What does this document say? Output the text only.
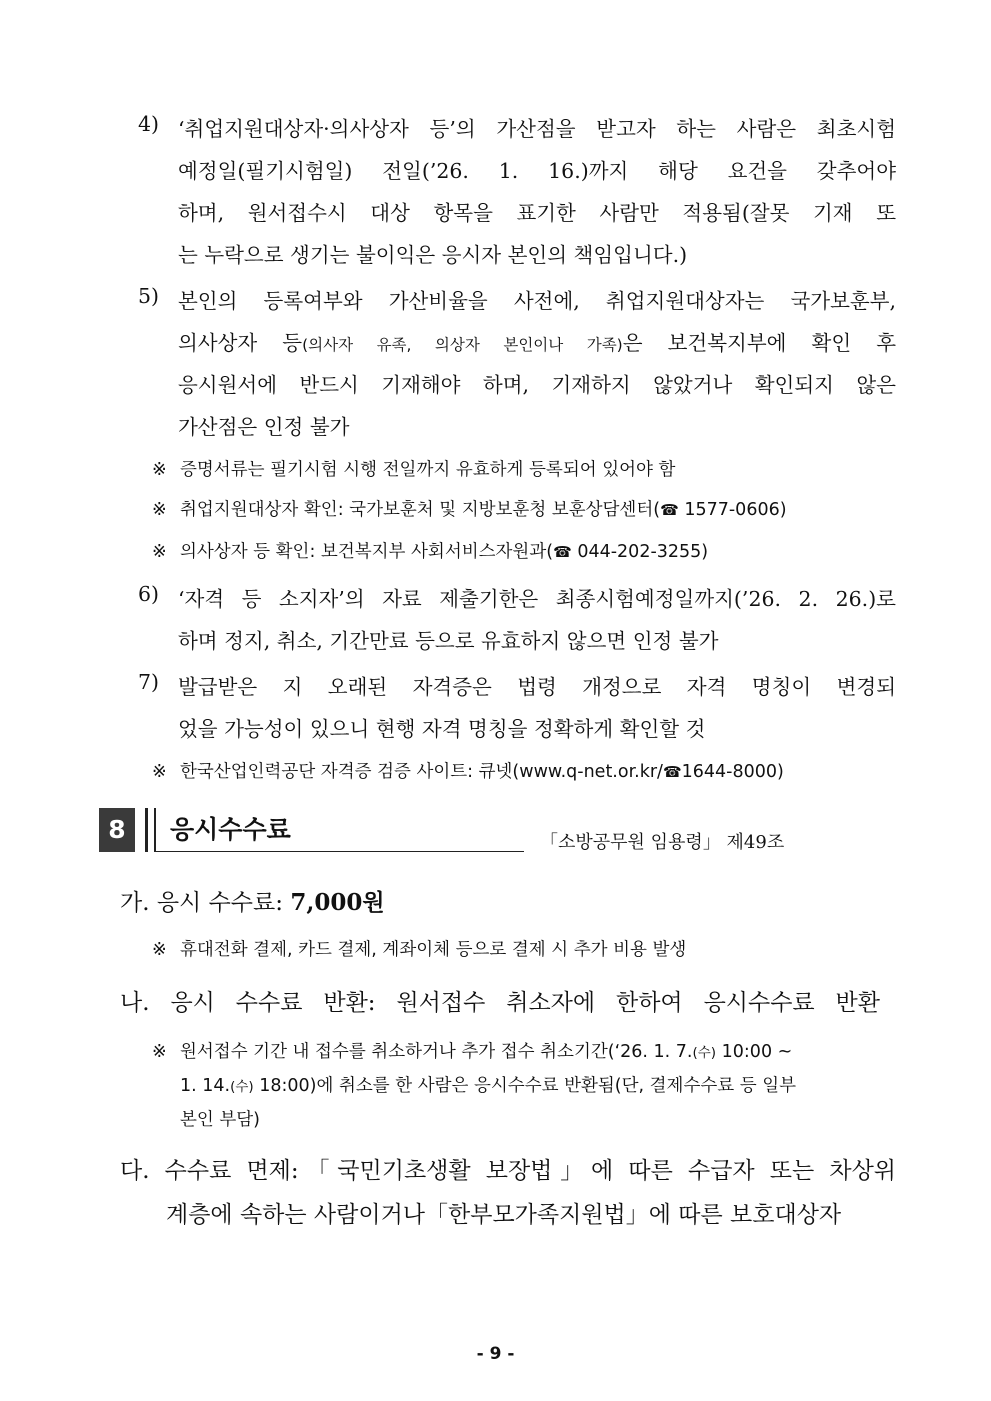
4) ‘취업지원대상자·의사상자 등’의 가산점을 받고자 하는 사람은 최초시험
예정일(필기시험일) 전일(’26. 1. 16.)까지 해당 요건을 갖추어야
하며, 원서접수시 대상 항목을 표기한 사람만 적용됨(잘못 기재 또
는 누락으로 생기는 불이익은 응시자 본인의 책임입니다.)
5) 본인의 등록여부와 가산비율을 사전에, 취업지원대상자는 국가보훈부,
의사상자 등(의사자 유족, 의상자 본인이나 가족)은 보건복지부에 확인 후
응시원서에 반드시 기재해야 하며, 기재하지 않았거나 확인되지 않은
가산점은 인정 불가
※ 증명서류는 필기시험 시행 전일까지 유효하게 등록되어 있어야 함
※ 취업지원대상자 확인: 국가보훈처 및 지방보훈청 보훈상담센터(☎ 1577-0606)
※ 의사상자 등 확인: 보건복지부 사회서비스자원과(☎ 044-202-3255)
6) ‘자격 등 소지자’의 자료 제출기한은 최종시험예정일까지(’26. 2. 26.)로
하며 정지, 취소, 기간만료 등으로 유효하지 않으면 인정 불가
7) 발급받은 지 오래된 자격증은 법령 개정으로 자격 명칭이 변경되
었을 가능성이 있으니 현행 자격 명칭을 정확하게 확인할 것
※ 한국산업인력공단 자격증 검증 사이트: 큐넷(www.q-net.or.kr/☎1644-8000)
8	응시수수료	「소방공무원 임용령」 제49조
가. 응시 수수료: 7,000원
※ 휴대전화 결제, 카드 결제, 계좌이체 등으로 결제 시 추가 비용 발생
나. 응시 수수료 반환: 원서접수 취소자에 한하여 응시수수료 반환
※ 원서접수 기간 내 접수를 취소하거나 추가 접수 취소기간(‘26. 1. 7.(수) 10:00 ~
1. 14.(수) 18:00)에 취소를 한 사람은 응시수수료 반환됨(단, 결제수수료 등 일부
본인 부담)
다. 수수료 면제:「국민기초생활 보장법」에 따른 수급자 또는 차상위
계층에 속하는 사람이거나「한부모가족지원법」에 따른 보호대상자
- 9 -
